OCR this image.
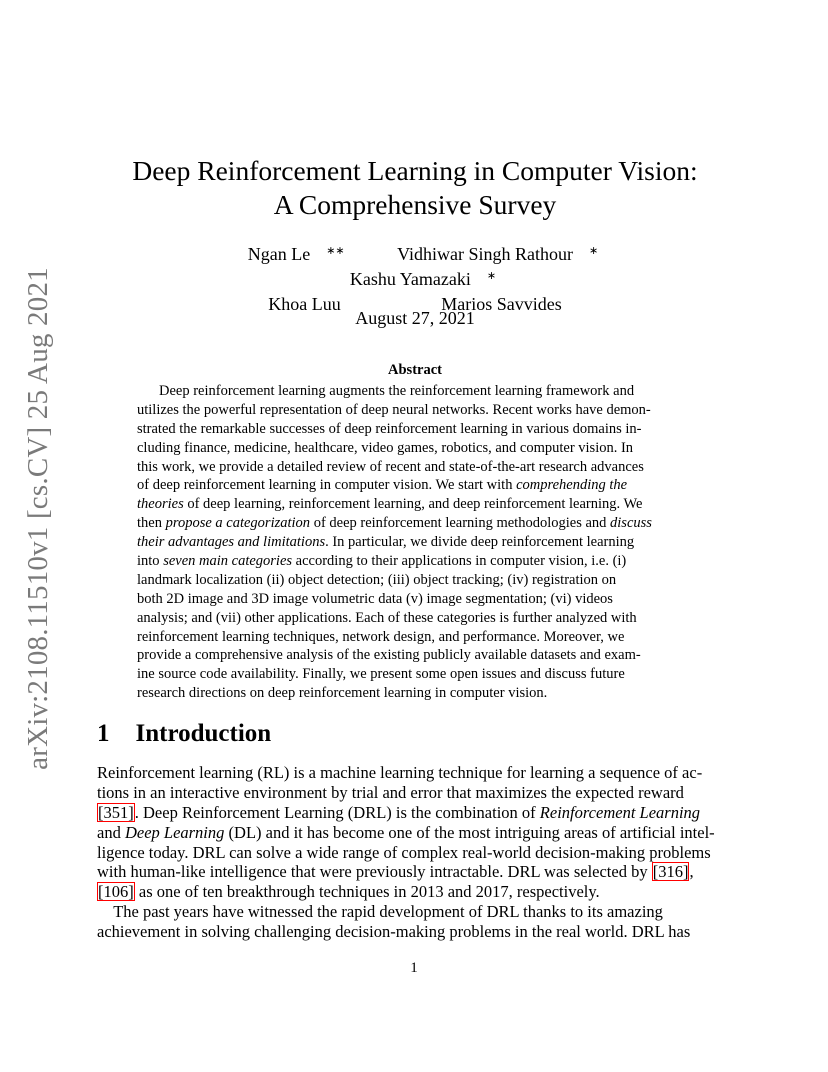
arXiv:2108.11510v1 [cs.CV] 25 Aug 2021
Deep Reinforcement Learning in Computer Vision:
A Comprehensive Survey
Ngan Le ∗∗	Vidhiwar Singh Rathour ∗ Kashu Yamazaki ∗
Khoa Luu	Marios Savvides
August 27, 2021
Abstract
Deep reinforcement learning augments the reinforcement learning framework and
utilizes the powerful representation of deep neural networks. Recent works have demon-
strated the remarkable successes of deep reinforcement learning in various domains in-
cluding finance, medicine, healthcare, video games, robotics, and computer vision. In
this work, we provide a detailed review of recent and state-of-the-art research advances
of deep reinforcement learning in computer vision. We start with comprehending the
theories of deep learning, reinforcement learning, and deep reinforcement learning. We
then propose a categorization of deep reinforcement learning methodologies and discuss
their advantages and limitations. In particular, we divide deep reinforcement learning
into seven main categories according to their applications in computer vision, i.e. (i)
landmark localization (ii) object detection; (iii) object tracking; (iv) registration on
both 2D image and 3D image volumetric data (v) image segmentation; (vi) videos
analysis; and (vii) other applications. Each of these categories is further analyzed with
reinforcement learning techniques, network design, and performance. Moreover, we
provide a comprehensive analysis of the existing publicly available datasets and exam-
ine source code availability. Finally, we present some open issues and discuss future
research directions on deep reinforcement learning in computer vision.
1 Introduction
Reinforcement learning (RL) is a machine learning technique for learning a sequence of ac-
tions in an interactive environment by trial and error that maximizes the expected reward
[351]. Deep Reinforcement Learning (DRL) is the combination of Reinforcement Learning
and Deep Learning (DL) and it has become one of the most intriguing areas of artificial intel-
ligence today. DRL can solve a wide range of complex real-world decision-making problems
with human-like intelligence that were previously intractable. DRL was selected by [316],
[106] as one of ten breakthrough techniques in 2013 and 2017, respectively.
The past years have witnessed the rapid development of DRL thanks to its amazing
achievement in solving challenging decision-making problems in the real world. DRL has
1
